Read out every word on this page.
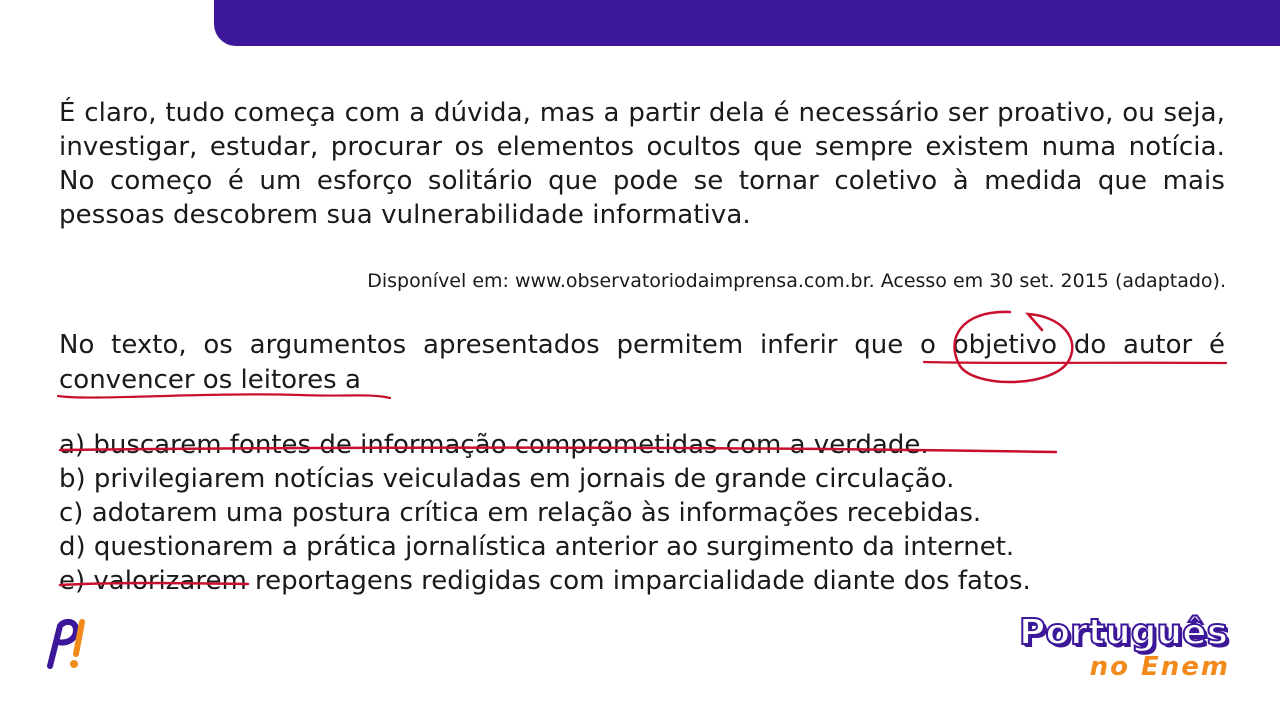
É claro, tudo começa com a dúvida, mas a partir dela é necessário ser proativo, ou seja, investigar, estudar, procurar os elementos ocultos que sempre existem numa notícia. No começo é um esforço solitário que pode se tornar coletivo à medida que mais pessoas descobrem sua vulnerabilidade informativa.

Disponível em: www.observatoriodaimprensa.com.br. Acesso em 30 set. 2015 (adaptado).

No texto, os argumentos apresentados permitem inferir que o objetivo do autor é convencer os leitores a

a) buscarem fontes de informação comprometidas com a verdade.
b) privilegiarem notícias veiculadas em jornais de grande circulação.
c) adotarem uma postura crítica em relação às informações recebidas.
d) questionarem a prática jornalística anterior ao surgimento da internet.
e) valorizarem reportagens redigidas com imparcialidade diante dos fatos.
Português
no Enem
